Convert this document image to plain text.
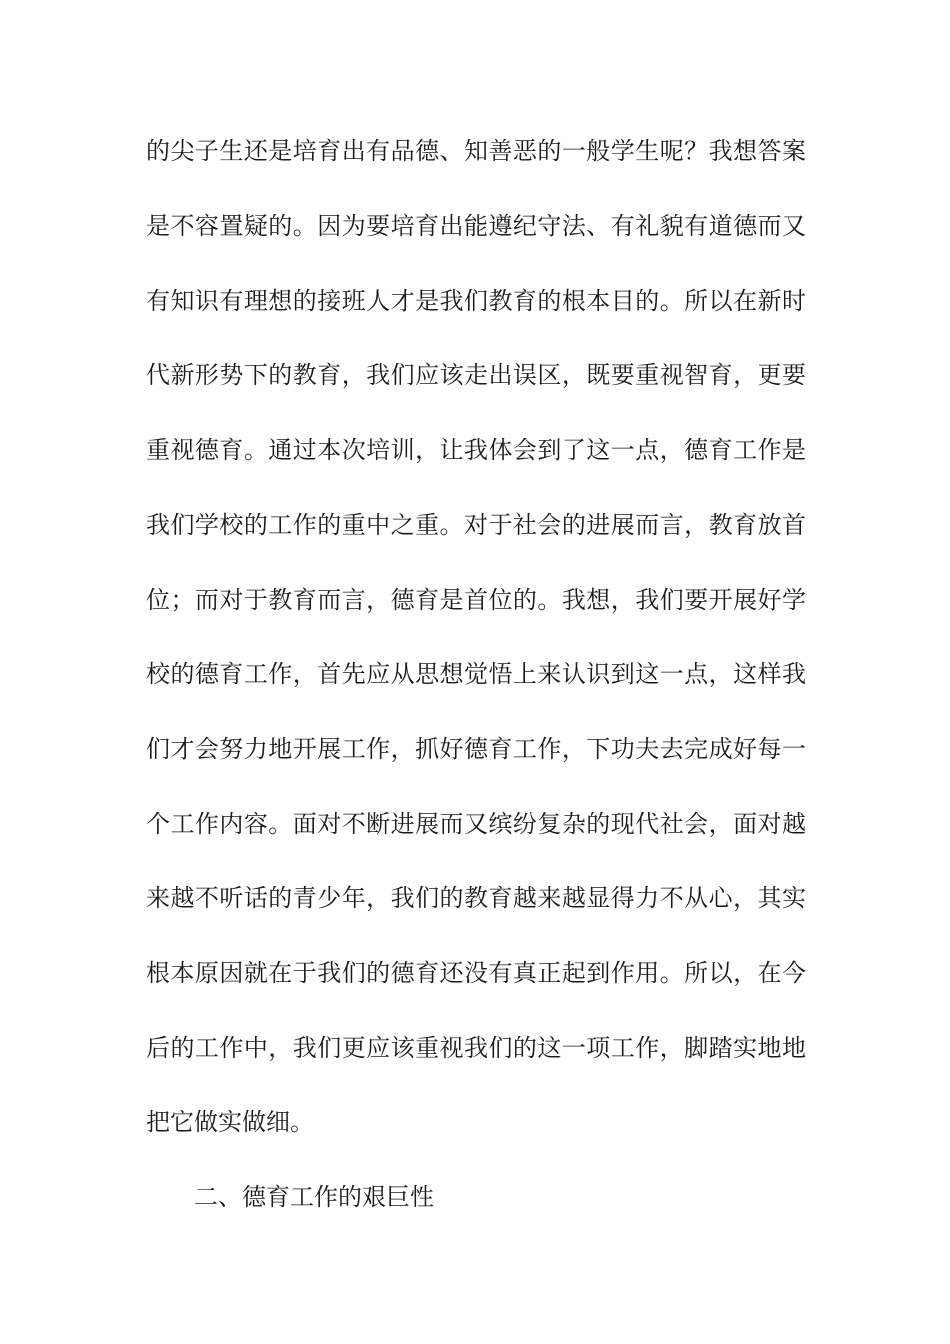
的尖子生还是培育出有品德、知善恶的一般学生呢？我想答案
是不容置疑的。因为要培育出能遵纪守法、有礼貌有道德而又
有知识有理想的接班人才是我们教育的根本目的。所以在新时
代新形势下的教育，我们应该走出误区，既要重视智育，更要
重视德育。通过本次培训，让我体会到了这一点，德育工作是
我们学校的工作的重中之重。对于社会的进展而言，教育放首
位；而对于教育而言，德育是首位的。我想，我们要开展好学
校的德育工作，首先应从思想觉悟上来认识到这一点，这样我
们才会努力地开展工作，抓好德育工作，下功夫去完成好每一
个工作内容。面对不断进展而又缤纷复杂的现代社会，面对越
来越不听话的青少年，我们的教育越来越显得力不从心，其实
根本原因就在于我们的德育还没有真正起到作用。所以，在今
后的工作中，我们更应该重视我们的这一项工作，脚踏实地地
把它做实做细。
二、德育工作的艰巨性
